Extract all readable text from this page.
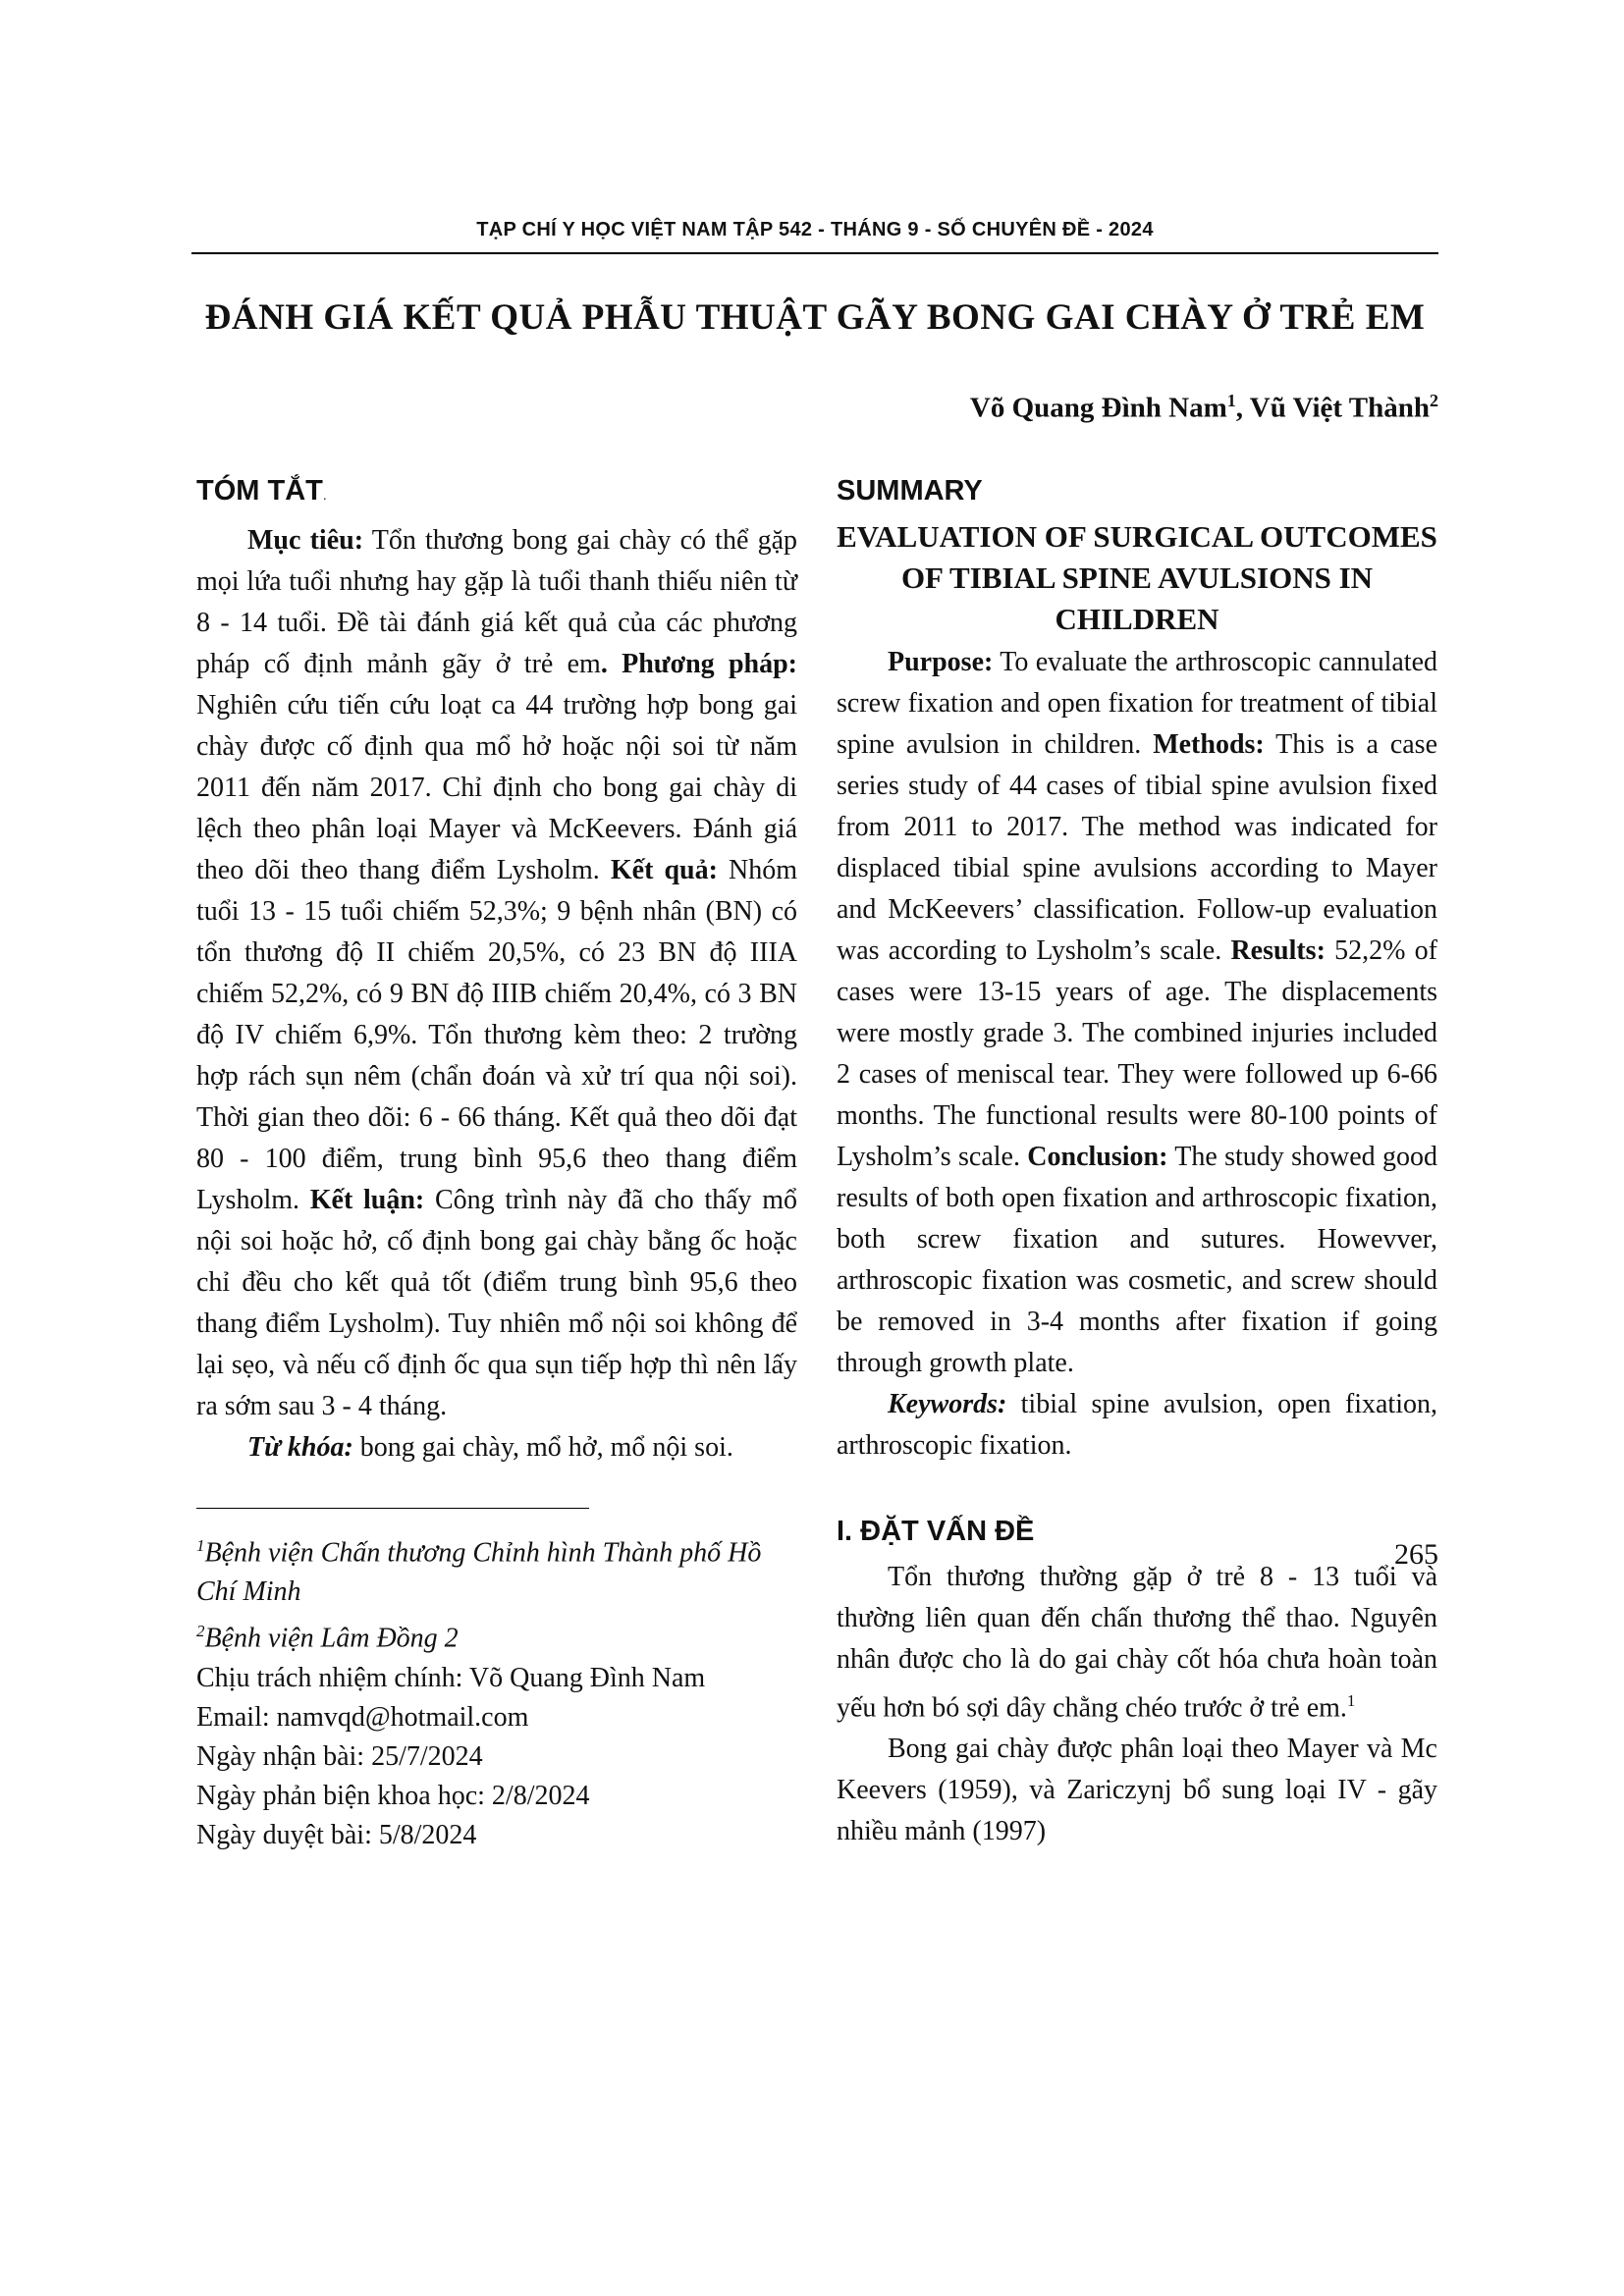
TẠP CHÍ Y HỌC VIỆT NAM TẬP 542 - THÁNG 9 - SỐ CHUYÊN ĐỀ - 2024
ĐÁNH GIÁ KẾT QUẢ PHẪU THUẬT GÃY BONG GAI CHÀY Ở TRẺ EM
Võ Quang Đình Nam$^1$, Vũ Việt Thành$^2$
TÓM TẮT.

Mục tiêu: Tổn thương bong gai chày có thể gặp mọi lứa tuổi nhưng hay gặp là tuổi thanh thiếu niên từ 8 - 14 tuổi. Đề tài đánh giá kết quả của các phương pháp cố định mảnh gãy ở trẻ em. Phương pháp: Nghiên cứu tiến cứu loạt ca 44 trường hợp bong gai chày được cố định qua mổ hở hoặc nội soi từ năm 2011 đến năm 2017. Chỉ định cho bong gai chày di lệch theo phân loại Mayer và McKeevers. Đánh giá theo dõi theo thang điểm Lysholm. Kết quả: Nhóm tuổi 13 - 15 tuổi chiếm 52,3%; 9 bệnh nhân (BN) có tổn thương độ II chiếm 20,5%, có 23 BN độ IIIA chiếm 52,2%, có 9 BN độ IIIB chiếm 20,4%, có 3 BN độ IV chiếm 6,9%. Tổn thương kèm theo: 2 trường hợp rách sụn nêm (chẩn đoán và xử trí qua nội soi). Thời gian theo dõi: 6 - 66 tháng. Kết quả theo dõi đạt 80 - 100 điểm, trung bình 95,6 theo thang điểm Lysholm. Kết luận: Công trình này đã cho thấy mổ nội soi hoặc hở, cố định bong gai chày bằng ốc hoặc chỉ đều cho kết quả tốt (điểm trung bình 95,6 theo thang điểm Lysholm). Tuy nhiên mổ nội soi không để lại sẹo, và nếu cố định ốc qua sụn tiếp hợp thì nên lấy ra sớm sau 3 - 4 tháng.

Từ khóa: bong gai chày, mổ hở, mổ nội soi.

$^1$Bệnh viện Chấn thương Chỉnh hình Thành phố Hồ Chí Minh

$^2$Bệnh viện Lâm Đồng 2

Chịu trách nhiệm chính: Võ Quang Đình Nam

Email: namvqd@hotmail.com

Ngày nhận bài: 25/7/2024

Ngày phản biện khoa học: 2/8/2024

Ngày duyệt bài: 5/8/2024

SUMMARY
EVALUATION OF SURGICAL OUTCOMES OF TIBIAL SPINE AVULSIONS IN CHILDREN

Purpose: To evaluate the arthroscopic cannulated screw fixation and open fixation for treatment of tibial spine avulsion in children. Methods: This is a case series study of 44 cases of tibial spine avulsion fixed from 2011 to 2017. The method was indicated for displaced tibial spine avulsions according to Mayer and McKeevers’ classification. Follow-up evaluation was according to Lysholm’s scale. Results: 52,2% of cases were 13-15 years of age. The displacements were mostly grade 3. The combined injuries included 2 cases of meniscal tear. They were followed up 6-66 months. The functional results were 80-100 points of Lysholm’s scale. Conclusion: The study showed good results of both open fixation and arthroscopic fixation, both screw fixation and sutures. Howevver, arthroscopic fixation was cosmetic, and screw should be removed in 3-4 months after fixation if going through growth plate.

Keywords: tibial spine avulsion, open fixation, arthroscopic fixation.

I. ĐẶT VẤN ĐỀ

Tổn thương thường gặp ở trẻ 8 - 13 tuổi và thường liên quan đến chấn thương thể thao. Nguyên nhân được cho là do gai chày cốt hóa chưa hoàn toàn yếu hơn bó sợi dây chằng chéo trước ở trẻ em.$^1$

Bong gai chày được phân loại theo Mayer và Mc Keevers (1959), và Zariczynj bổ sung loại IV - gãy nhiều mảnh (1997)

265
